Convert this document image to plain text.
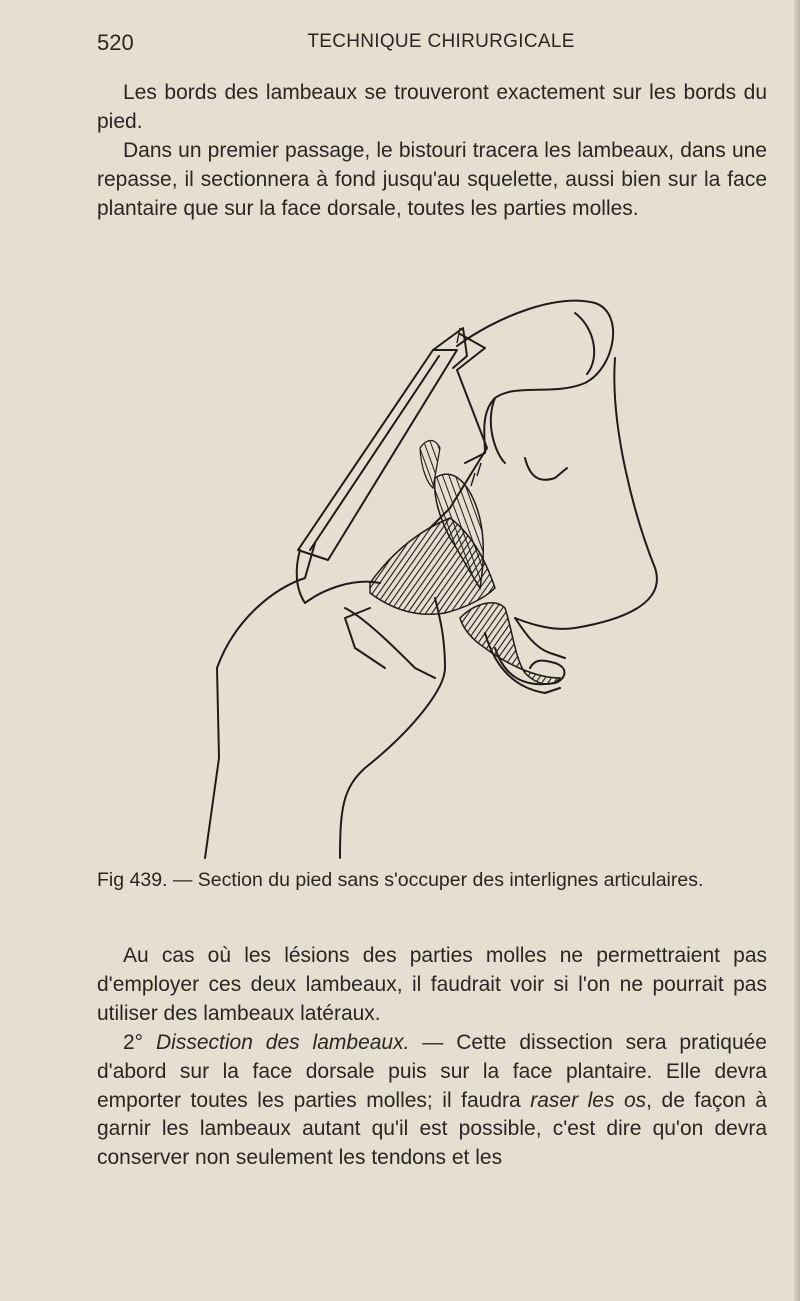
520	TECHNIQUE CHIRURGICALE

Les bords des lambeaux se trouveront exactement sur les bords du pied.

Dans un premier passage, le bistouri tracera les lambeaux, dans une repasse, il sectionnera à fond jusqu'au squelette, aussi bien sur la face plantaire que sur la face dorsale, toutes les parties molles.

Fig 439. — Section du pied sans s'occuper des interlignes articulaires.

Au cas où les lésions des parties molles ne permettraient pas d'employer ces deux lambeaux, il faudrait voir si l'on ne pourrait pas utiliser des lambeaux latéraux.

2° Dissection des lambeaux. — Cette dissection sera pratiquée d'abord sur la face dorsale puis sur la face plantaire. Elle devra emporter toutes les parties molles; il faudra raser les os, de façon à garnir les lambeaux autant qu'il est possible, c'est dire qu'on devra conserver non seulement les tendons et les
